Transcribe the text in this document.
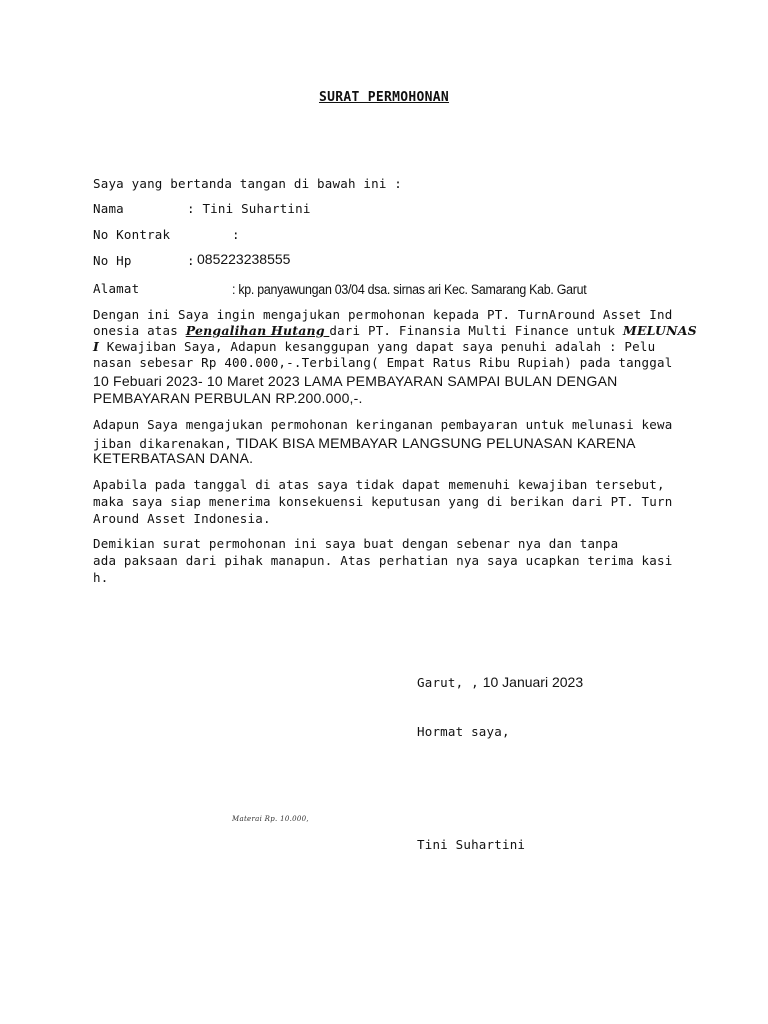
SURAT PERMOHONAN
Saya yang bertanda tangan di bawah ini :
Nama	: Tini Suhartini
No Kontrak	:
No Hp	: 085223238555
Alamat	: kp. panyawungan 03/04 dsa. sirnas ari Kec. Samarang Kab. Garut
Dengan ini Saya ingin mengajukan permohonan kepada PT. TurnAround Asset Ind
onesia atas Pengalihan Hutang dari PT. Finansia Multi Finance untuk MELUNAS
I Kewajiban Saya, Adapun kesanggupan yang dapat saya penuhi adalah : Pelu
nasan sebesar Rp 400.000,-.Terbilang( Empat Ratus Ribu Rupiah) pada tanggal
10 Febuari 2023- 10 Maret 2023 LAMA PEMBAYARAN SAMPAI BULAN DENGAN
PEMBAYARAN PERBULAN RP.200.000,-.
Adapun Saya mengajukan permohonan keringanan pembayaran untuk melunasi kewa
jiban dikarenakan, TIDAK BISA MEMBAYAR LANGSUNG PELUNASAN KARENA
KETERBATASAN DANA.
Apabila pada tanggal di atas saya tidak dapat memenuhi kewajiban tersebut,
maka saya siap menerima konsekuensi keputusan yang di berikan dari PT. Turn
Around Asset Indonesia.
Demikian surat permohonan ini saya buat dengan sebenar nya dan tanpa
ada paksaan dari pihak manapun. Atas perhatian nya saya ucapkan terima kasi
h.
Garut, , 10 Januari 2023
Hormat saya,
Materai Rp. 10.000,
Tini Suhartini
